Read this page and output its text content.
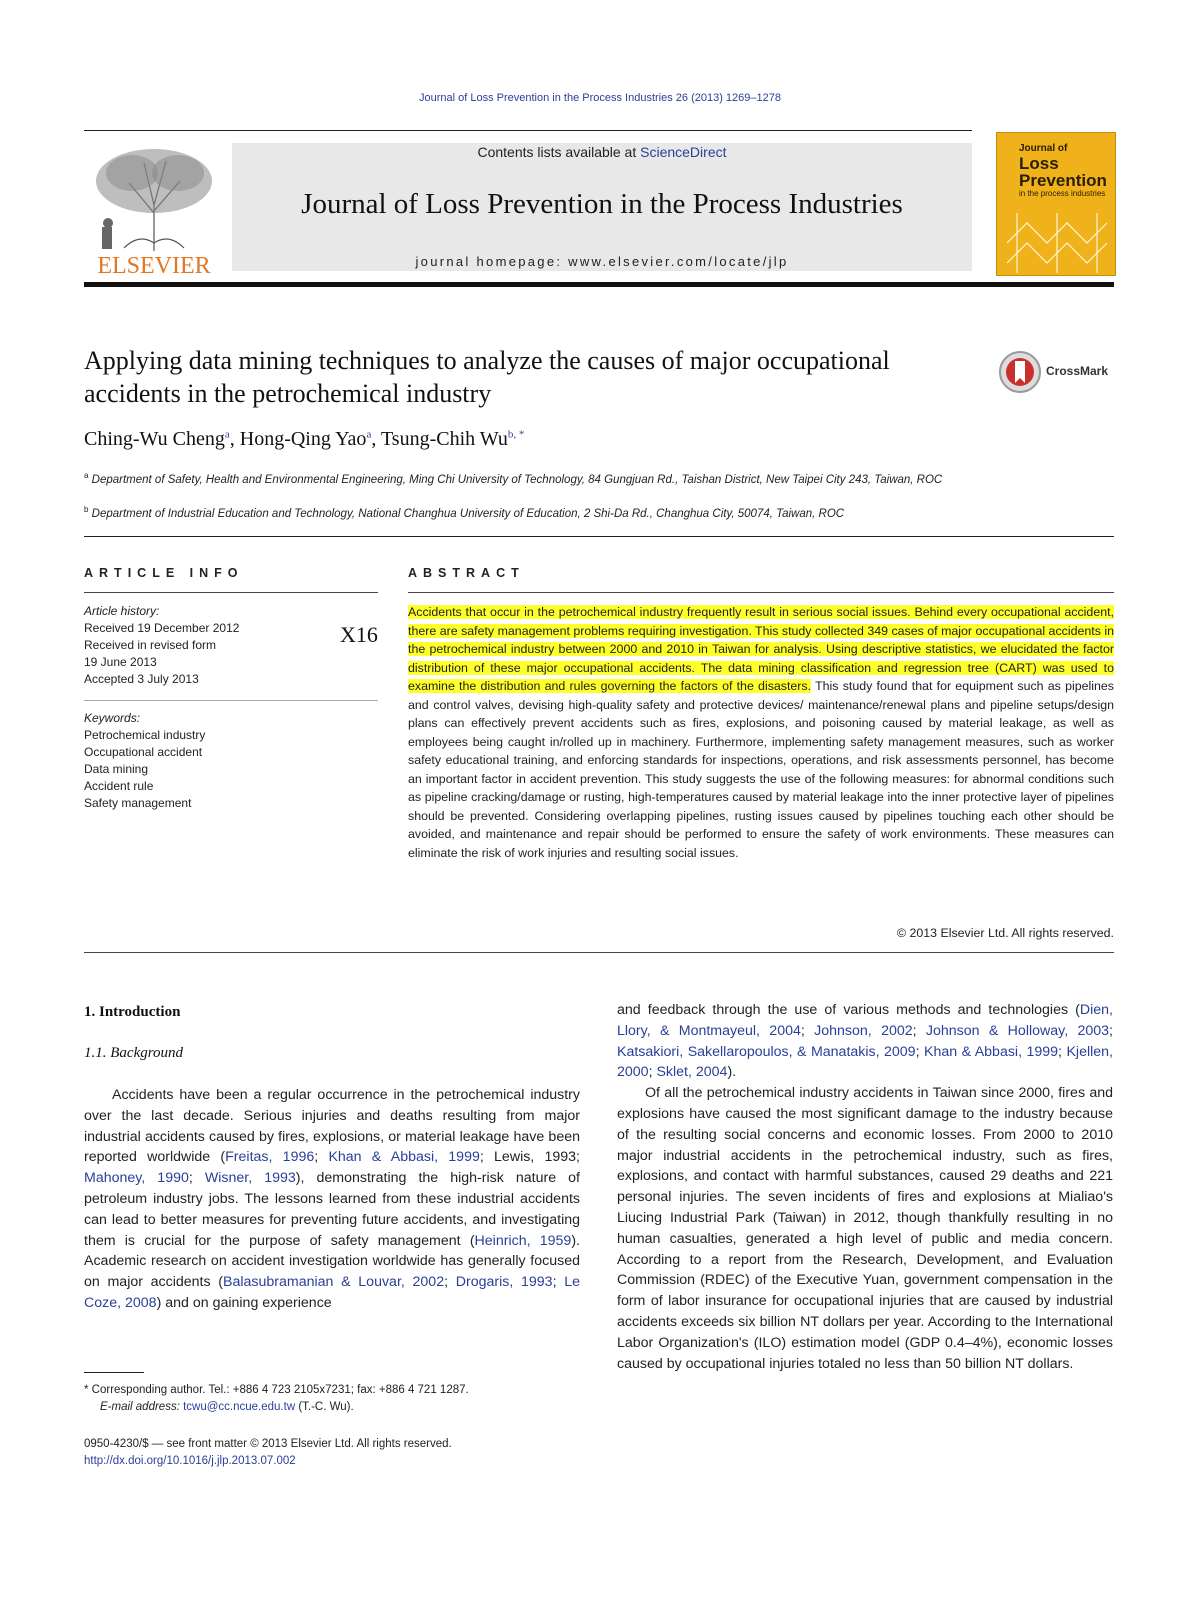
Journal of Loss Prevention in the Process Industries 26 (2013) 1269–1278
ELSEVIER
Contents lists available at ScienceDirect
Journal of Loss Prevention in the Process Industries
journal homepage: www.elsevier.com/locate/jlp
Journal of
Loss
Prevention
in the process industries
Applying data mining techniques to analyze the causes of major occupational accidents in the petrochemical industry
CrossMark
Ching-Wu Cheng$^a$, Hong-Qing Yao$^a$, Tsung-Chih $Wu^{b, *}$
$^a$ Department of Safety, Health and Environmental Engineering, Ming Chi University of Technology, 84 Gungjuan Rd., Taishan District, New Taipei City 243, Taiwan, ROC
$^b$ Department of Industrial Education and Technology, National Changhua University of Education, 2 Shi-Da Rd., Changhua City, 50074, Taiwan, ROC
ARTICLE INFO
Article history:
Received 19 December 2012
Received in revised form
19 June 2013
Accepted 3 July 2013
Keywords:
Petrochemical industry
Occupational accident
Data mining
Accident rule
Safety management
X16
ABSTRACT
Accidents that occur in the petrochemical industry frequently result in serious social issues. Behind every occupational accident, there are safety management problems requiring investigation. This study collected 349 cases of major occupational accidents in the petrochemical industry between 2000 and 2010 in Taiwan for analysis. Using descriptive statistics, we elucidated the factor distribution of these major occupational accidents. The data mining classification and regression tree (CART) was used to examine the distribution and rules governing the factors of the disasters. This study found that for equipment such as pipelines and control valves, devising high-quality safety and protective devices/ maintenance/renewal plans and pipeline setups/design plans can effectively prevent accidents such as fires, explosions, and poisoning caused by material leakage, as well as employees being caught in/rolled up in machinery. Furthermore, implementing safety management measures, such as worker safety educational training, and enforcing standards for inspections, operations, and risk assessments personnel, has become an important factor in accident prevention. This study suggests the use of the following measures: for abnormal conditions such as pipeline cracking/damage or rusting, high-temperatures caused by material leakage into the inner protective layer of pipelines should be prevented. Considering overlapping pipelines, rusting issues caused by pipelines touching each other should be avoided, and maintenance and repair should be performed to ensure the safety of work environments. These measures can eliminate the risk of work injuries and resulting social issues.
© 2013 Elsevier Ltd. All rights reserved.
1. Introduction
1.1. Background
Accidents have been a regular occurrence in the petrochemical industry over the last decade. Serious injuries and deaths resulting from major industrial accidents caused by fires, explosions, or material leakage have been reported worldwide (Freitas, 1996; Khan & Abbasi, 1999; Lewis, 1993; Mahoney, 1990; Wisner, 1993), demonstrating the high-risk nature of petroleum industry jobs. The lessons learned from these industrial accidents can lead to better measures for preventing future accidents, and investigating them is crucial for the purpose of safety management (Heinrich, 1959). Academic research on accident investigation worldwide has generally focused on major accidents (Balasubramanian & Louvar, 2002; Drogaris, 1993; Le Coze, 2008) and on gaining experience

and feedback through the use of various methods and technologies (Dien, Llory, & Montmayeul, 2004; Johnson, 2002; Johnson & Holloway, 2003; Katsakiori, Sakellaropoulos, & Manatakis, 2009; Khan & Abbasi, 1999; Kjellen, 2000; Sklet, 2004).

Of all the petrochemical industry accidents in Taiwan since 2000, fires and explosions have caused the most significant damage to the industry because of the resulting social concerns and economic losses. From 2000 to 2010 major industrial accidents in the petrochemical industry, such as fires, explosions, and contact with harmful substances, caused 29 deaths and 221 personal injuries. The seven incidents of fires and explosions at Mialiao's Liucing Industrial Park (Taiwan) in 2012, though thankfully resulting in no human casualties, generated a high level of public and media concern. According to a report from the Research, Development, and Evaluation Commission (RDEC) of the Executive Yuan, government compensation in the form of labor insurance for occupational injuries that are caused by industrial accidents exceeds six billion NT dollars per year. According to the International Labor Organization's (ILO) estimation model (GDP 0.4–4%), economic losses caused by occupational injuries totaled no less than 50 billion NT dollars.

* Corresponding author. Tel.: +886 4 723 2105x7231; fax: +886 4 721 1287.
E-mail address: tcwu@cc.ncue.edu.tw (T.-C. Wu).
0950-4230/$ — see front matter © 2013 Elsevier Ltd. All rights reserved.
http://dx.doi.org/10.1016/j.jlp.2013.07.002
